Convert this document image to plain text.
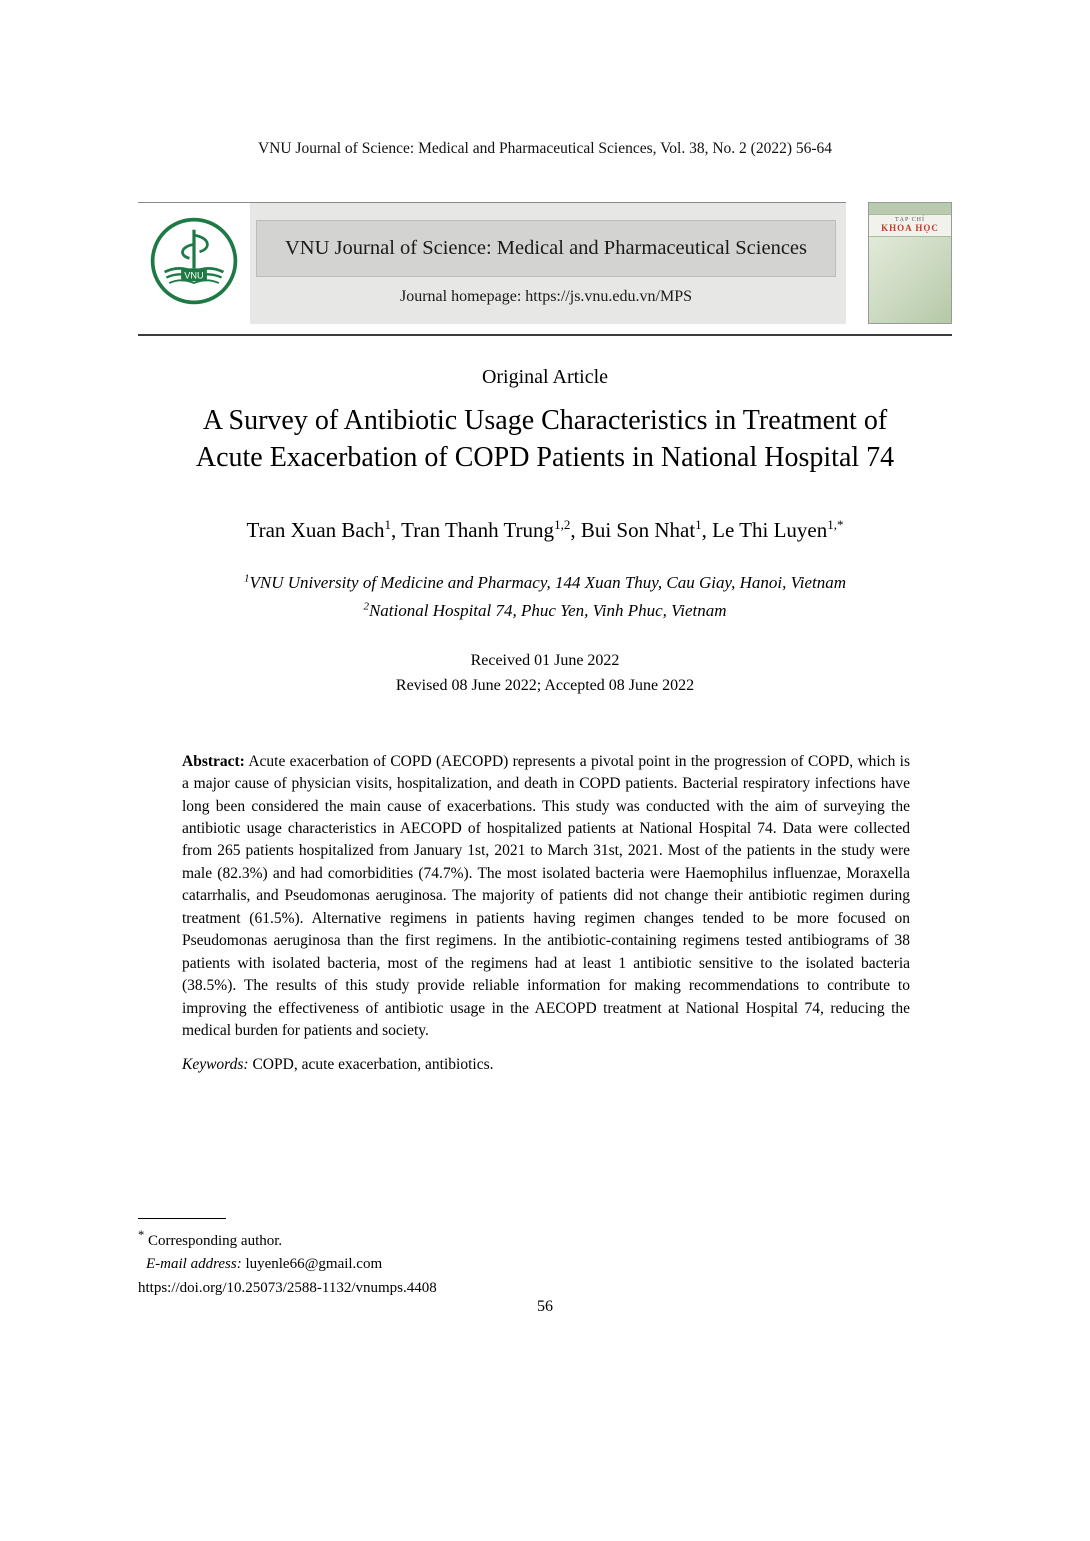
VNU Journal of Science: Medical and Pharmaceutical Sciences, Vol. 38, No. 2 (2022) 56-64
VNU
VNU Journal of Science: Medical and Pharmaceutical Sciences
Journal homepage: https://js.vnu.edu.vn/MPS
TẠP CHÍ
KHOA HỌC
Original Article
A Survey of Antibiotic Usage Characteristics in Treatment of
Acute Exacerbation of COPD Patients in National Hospital 74
Tran Xuan Bach$^1$, Tran Thanh Trung$^{1,2}$, Bui Son Nhat$^1$, Le Thi Luyen$^{1,*}$
$^1$VNU University of Medicine and Pharmacy, 144 Xuan Thuy, Cau Giay, Hanoi, Vietnam
$^2$National Hospital 74, Phuc Yen, Vinh Phuc, Vietnam
Received 01 June 2022
Revised 08 June 2022; Accepted 08 June 2022

Abstract: Acute exacerbation of COPD (AECOPD) represents a pivotal point in the progression of COPD, which is a major cause of physician visits, hospitalization, and death in COPD patients. Bacterial respiratory infections have long been considered the main cause of exacerbations. This study was conducted with the aim of surveying the antibiotic usage characteristics in AECOPD of hospitalized patients at National Hospital 74. Data were collected from 265 patients hospitalized from January 1st, 2021 to March 31st, 2021. Most of the patients in the study were male (82.3%) and had comorbidities (74.7%). The most isolated bacteria were Haemophilus influenzae, Moraxella catarrhalis, and Pseudomonas aeruginosa. The majority of patients did not change their antibiotic regimen during treatment (61.5%). Alternative regimens in patients having regimen changes tended to be more focused on Pseudomonas aeruginosa than the first regimens. In the antibiotic-containing regimens tested antibiograms of 38 patients with isolated bacteria, most of the regimens had at least 1 antibiotic sensitive to the isolated bacteria (38.5%). The results of this study provide reliable information for making recommendations to contribute to improving the effectiveness of antibiotic usage in the AECOPD treatment at National Hospital 74, reducing the medical burden for patients and society.

Keywords: COPD, acute exacerbation, antibiotics.

* Corresponding author.
E-mail address: luyenle66@gmail.com
https://doi.org/10.25073/2588-1132/vnumps.4408
56
